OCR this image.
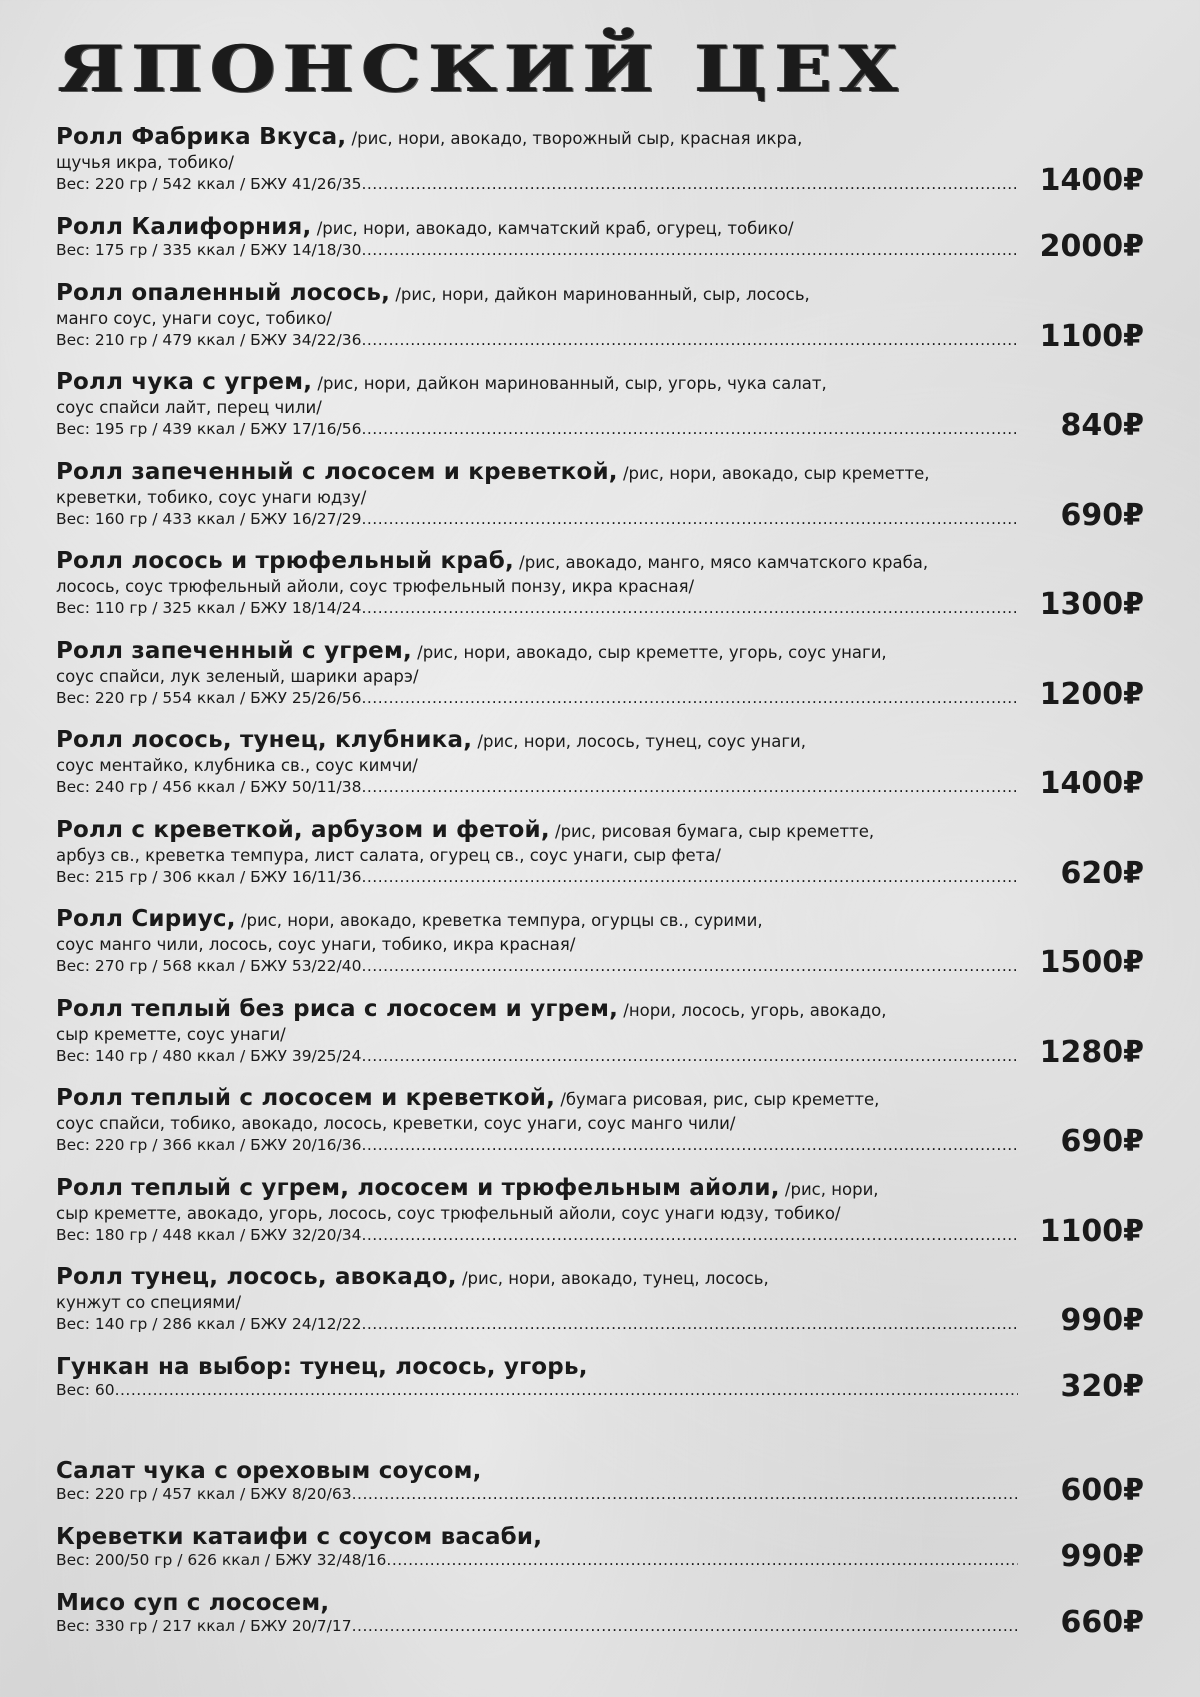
ЯПОНСКИЙ ЦЕХ
Ролл Фабрика Вкуса, /рис, нори, авокадо, творожный сыр, красная икра,
щучья икра, тобико/
Вес: 220 гр / 542 ккал / БЖУ 41/26/35 .....	1400₽
Ролл Калифорния, /рис, нори, авокадо, камчатский краб, огурец, тобико/
Вес: 175 гр / 335 ккал / БЖУ 14/18/30 .....	2000₽
Ролл опаленный лосось, /рис, нори, дайкон маринованный, сыр, лосось,
манго соус, унаги соус, тобико/
Вес: 210 гр / 479 ккал / БЖУ 34/22/36 .....	1100₽
Ролл чука с угрем, /рис, нори, дайкон маринованный, сыр, угорь, чука салат,
соус спайси лайт, перец чили/
Вес: 195 гр / 439 ккал / БЖУ 17/16/56 .....	840₽
Ролл запеченный с лососем и креветкой, /рис, нори, авокадо, сыр креметте,
креветки, тобико, соус унаги юдзу/
Вес: 160 гр / 433 ккал / БЖУ 16/27/29 .....	690₽
Ролл лосось и трюфельный краб, /рис, авокадо, манго, мясо камчатского краба,
лосось, соус трюфельный айоли, соус трюфельный понзу, икра красная/
Вес: 110 гр / 325 ккал / БЖУ 18/14/24 .....	1300₽
Ролл запеченный с угрем, /рис, нори, авокадо, сыр креметте, угорь, соус унаги,
соус спайси, лук зеленый, шарики арарэ/
Вес: 220 гр / 554 ккал / БЖУ 25/26/56 .....	1200₽
Ролл лосось, тунец, клубника, /рис, нори, лосось, тунец, соус унаги,
соус ментайко, клубника св., соус кимчи/
Вес: 240 гр / 456 ккал / БЖУ 50/11/38 .....	1400₽
Ролл с креветкой, арбузом и фетой, /рис, рисовая бумага, сыр креметте,
арбуз св., креветка темпура, лист салата, огурец св., соус унаги, сыр фета/
Вес: 215 гр / 306 ккал / БЖУ 16/11/36 .....	620₽
Ролл Сириус, /рис, нори, авокадо, креветка темпура, огурцы св., сурими,
соус манго чили, лосось, соус унаги, тобико, икра красная/
Вес: 270 гр / 568 ккал / БЖУ 53/22/40 .....	1500₽
Ролл теплый без риса с лососем и угрем, /нори, лосось, угорь, авокадо,
сыр креметте, соус унаги/
Вес: 140 гр / 480 ккал / БЖУ 39/25/24 .....	1280₽
Ролл теплый с лососем и креветкой, /бумага рисовая, рис, сыр креметте,
соус спайси, тобико, авокадо, лосось, креветки, соус унаги, соус манго чили/
Вес: 220 гр / 366 ккал / БЖУ 20/16/36 .....	690₽
Ролл теплый с угрем, лососем и трюфельным айоли, /рис, нори,
сыр креметте, авокадо, угорь, лосось, соус трюфельный айоли, соус унаги юдзу, тобико/
Вес: 180 гр / 448 ккал / БЖУ 32/20/34 .....	1100₽
Ролл тунец, лосось, авокадо, /рис, нори, авокадо, тунец, лосось,
кунжут со специями/
Вес: 140 гр / 286 ккал / БЖУ 24/12/22 .....	990₽
Гункан на выбор: тунец, лосось, угорь,
Вес: 60 .....	320₽
Салат чука с ореховым соусом,
Вес: 220 гр / 457 ккал / БЖУ 8/20/63 .....	600₽
Креветки катаифи с соусом васаби,
Вес: 200/50 гр / 626 ккал / БЖУ 32/48/16 .....	990₽
Мисо суп с лососем,
Вес: 330 гр / 217 ккал / БЖУ 20/7/17 .....	660₽
